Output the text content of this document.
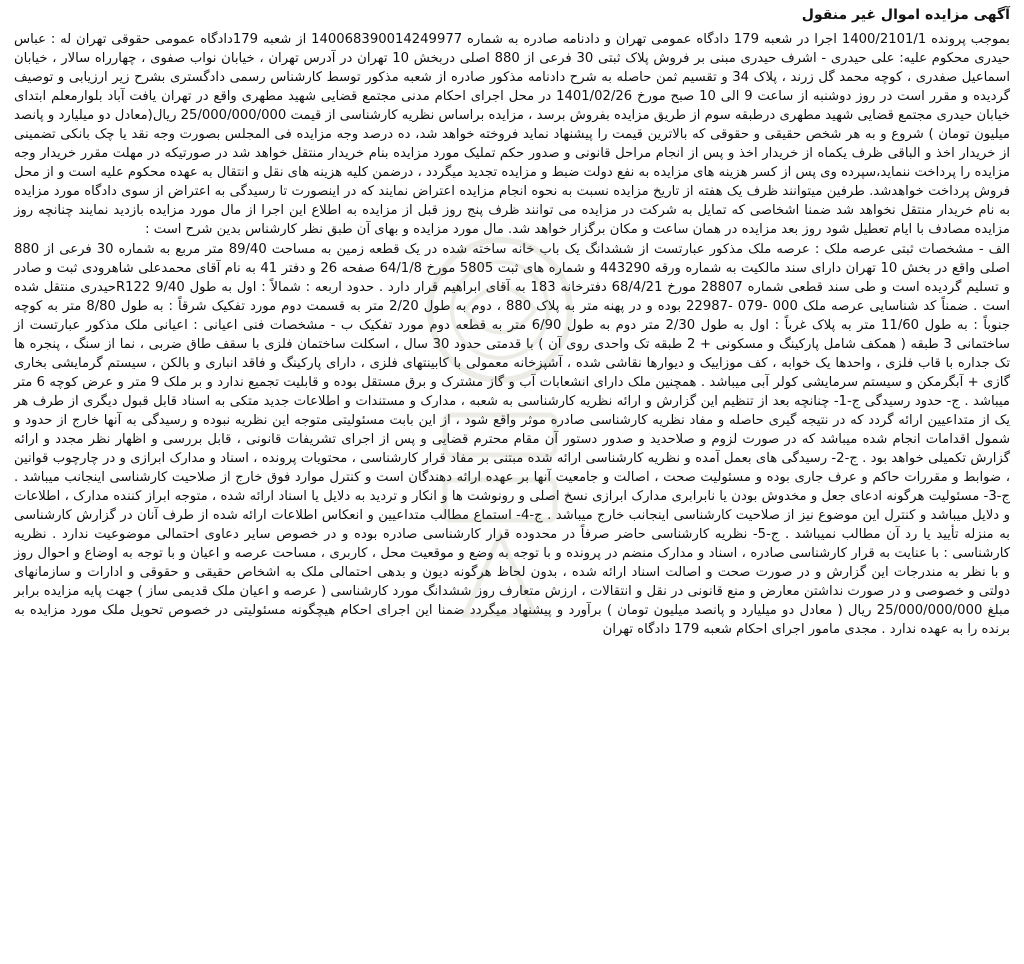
آگهی مزایده اموال غیر منقول

بموجب پرونده 1400/2101/1 اجرا در شعبه 179 دادگاه عمومی تهران و دادنامه صادره به شماره 140068390014249977 از شعبه 179دادگاه عمومی حقوقی تهران له : عباس حیدری محکوم علیه: علی حیدری - اشرف حیدری مبنی بر فروش پلاک ثبتی 30 فرعی از 880 اصلی دربخش 10 تهران در آدرس تهران ، خیابان نواب صفوی ، چهارراه سالار ، خیابان اسماعیل صفدری ، کوچه محمد گل زرند ، پلاک 34 و تقسیم ثمن حاصله به شرح دادنامه مذکور صادره از شعبه مذکور توسط کارشناس رسمی دادگستری بشرح زیر ارزیابی و توصیف گردیده و مقرر است در روز دوشنبه از ساعت 9 الی 10 صبح مورخ 1401/02/26 در محل اجرای احکام مدنی مجتمع قضایی شهید مطهری واقع در تهران یافت آباد بلوارمعلم ابتدای خیابان حیدری مجتمع قضایی شهید مطهری درطبقه سوم از طریق مزایده بفروش برسد ، مزایده براساس نظریه کارشناسی از قیمت 25/000/000/000 ریال(معادل دو میلیارد و پانصد میلیون تومان ) شروع و به هر شخص حقیقی و حقوقی که بالاترین قیمت را پیشنهاد نماید فروخته خواهد شد، ده درصد وجه مزایده فی المجلس بصورت وجه نقد یا چک بانکی تضمینی از خریدار اخذ و الباقی ظرف یکماه از خریدار اخذ و پس از انجام مراحل قانونی و صدور حکم تملیک مورد مزایده بنام خریدار منتقل خواهد شد در صورتیکه در مهلت مقرر خریدار وجه مزایده را پرداخت ننماید،سپرده وی پس از کسر هزینه های مزایده به نفع دولت ضبط و مزایده تجدید میگردد ، درضمن کلیه هزینه های نقل و انتقال به عهده محکوم علیه است و از محل فروش پرداخت خواهدشد. طرفین میتوانند ظرف یک هفته از تاریخ مزایده نسبت به نحوه انجام مزایده اعتراض نمایند که در اینصورت تا رسیدگی به اعتراض از سوی دادگاه مورد مزایده به نام خریدار منتقل نخواهد شد ضمنا اشخاصی که تمایل به شرکت در مزایده می توانند ظرف پنج روز قبل از مزایده به اطلاع این اجرا از مال مورد مزایده بازدید نمایند چنانچه روز مزایده مصادف با ایام تعطیل شود روز بعد مزایده در همان ساعت و مکان برگزار خواهد شد. مال مورد مزایده و بهای آن طبق نظر کارشناس بدین شرح است :

الف - مشخصات ثبتی عرصه ملک : عرصه ملک مذکور عبارتست از ششدانگ یک باب خانه ساخته شده در یک قطعه زمین به مساحت 89/40 متر مربع به شماره 30 فرعی از 880 اصلی واقع در بخش 10 تهران دارای سند مالکیت به شماره ورقه 443290 و شماره های ثبت 5805 مورخ 64/1/8 صفحه 26 و دفتر 41 به نام آقای محمدعلی شاهرودی ثبت و صادر و تسلیم گردیده است و طی سند قطعی شماره 28807 مورخ 68/4/21 دفترخانه 183 به آقای ابراهیم قرار دارد . حدود اربعه : شمالاً : اول به طول 9/40 R122حیدری منتقل شده است . ضمناً کد شناسایی عرصه ملک 000 -079 -22987 بوده و در پهنه متر به پلاک 880 ، دوم به طول 2/20 متر به قسمت دوم مورد تفکیک شرقاً : به طول 8/80 متر به کوچه جنوباً : به طول 11/60 متر به پلاک غرباً : اول به طول 2/30 متر دوم به طول 6/90 متر به قطعه دوم مورد تفکیک ب - مشخصات فنی اعیانی : اعیانی ملک مذکور عبارتست از ساختمانی 3 طبقه ( همکف شامل پارکینگ و مسکونی + 2 طبقه تک واحدی روی آن ) با قدمتی حدود 30 سال ، اسکلت ساختمان فلزی با سقف طاق ضربی ، نما از سنگ ، پنجره ها تک جداره با قاب فلزی ، واحدها یک خوابه ، کف موزاییک و دیوارها نقاشی شده ، آشپزخانه معمولی با کابینتهای فلزی ، دارای پارکینگ و فاقد انباری و بالکن ، سیستم گرمایشی بخاری گازی + آبگرمکن و سیستم سرمایشی کولر آبی میباشد . همچنین ملک دارای انشعابات آب و گاز مشترک و برق مستقل بوده و قابلیت تجمیع ندارد و بر ملک 9 متر و عرض کوچه 6 متر میباشد . ج- حدود رسیدگی ج-1- چنانچه بعد از تنظیم این گزارش و ارائه نظریه کارشناسی به شعبه ، مدارک و مستندات و اطلاعات جدید متکی به اسناد قابل قبول دیگری از طرف هر یک از متداعیین ارائه گردد که در نتیجه گیری حاصله و مفاد نظریه کارشناسی صادره موثر واقع شود ، از این بابت مسئولیتی متوجه این نظریه نبوده و رسیدگی به آنها خارج از حدود و شمول اقدامات انجام شده میباشد که در صورت لزوم و صلاحدید و صدور دستور آن مقام محترم قضایی و پس از اجرای تشریفات قانونی ، قابل بررسی و اظهار نظر مجدد و ارائه گزارش تکمیلی خواهد بود . ج-2- رسیدگی های بعمل آمده و نظریه کارشناسی ارائه شده مبتنی بر مفاد قرار کارشناسی ، محتویات پرونده ، اسناد و مدارک ابرازی و در چارچوب قوانین ، ضوابط و مقررات حاکم و عرف جاری بوده و مسئولیت صحت ، اصالت و جامعیت آنها بر عهده ارائه دهندگان است و کنترل موارد فوق خارج از صلاحیت کارشناسی اینجانب میباشد . ج-3- مسئولیت هرگونه ادعای جعل و مخدوش بودن یا نابرابری مدارک ابرازی نسخ اصلی و رونوشت ها و انکار و تردید به دلایل یا اسناد ارائه شده ، متوجه ابراز کننده مدارک ، اطلاعات و دلایل میباشد و کنترل این موضوع نیز از صلاحیت کارشناسی اینجانب خارج میباشد . ج-4- استماع مطالب متداعیین و انعکاس اطلاعات ارائه شده از طرف آنان در گزارش کارشناسی به منزله تأیید یا رد آن مطالب نمیباشد . ج-5- نظریه کارشناسی حاضر صرفاً در محدوده قرار کارشناسی صادره بوده و در خصوص سایر دعاوی احتمالی موضوعیت ندارد . نظریه کارشناسی : با عنایت به قرار کارشناسی صادره ، اسناد و مدارک منضم در پرونده و با توجه به وضع و موقعیت محل ، کاربری ، مساحت عرصه و اعیان و با توجه به اوضاع و احوال روز و با نظر به مندرجات این گزارش و در صورت صحت و اصالت اسناد ارائه شده ، بدون لحاظ هرگونه دیون و بدهی احتمالی ملک به اشخاص حقیقی و حقوقی و ادارات و سازمانهای دولتی و خصوصی و در صورت نداشتن معارض و منع قانونی در نقل و انتقالات ، ارزش متعارف روز ششدانگ مورد کارشناسی ( عرصه و اعیان ملک قدیمی ساز ) جهت پایه مزایده برابر مبلغ 25/000/000/000 ریال ( معادل دو میلیارد و پانصد میلیون تومان ) برآورد و پیشنهاد میگردد ضمنا این اجرای احکام هیچگونه مسئولیتی در خصوص تحویل ملک مورد مزایده به برنده را به عهده ندارد . مجدی مامور اجرای احکام شعبه 179 دادگاه تهران
